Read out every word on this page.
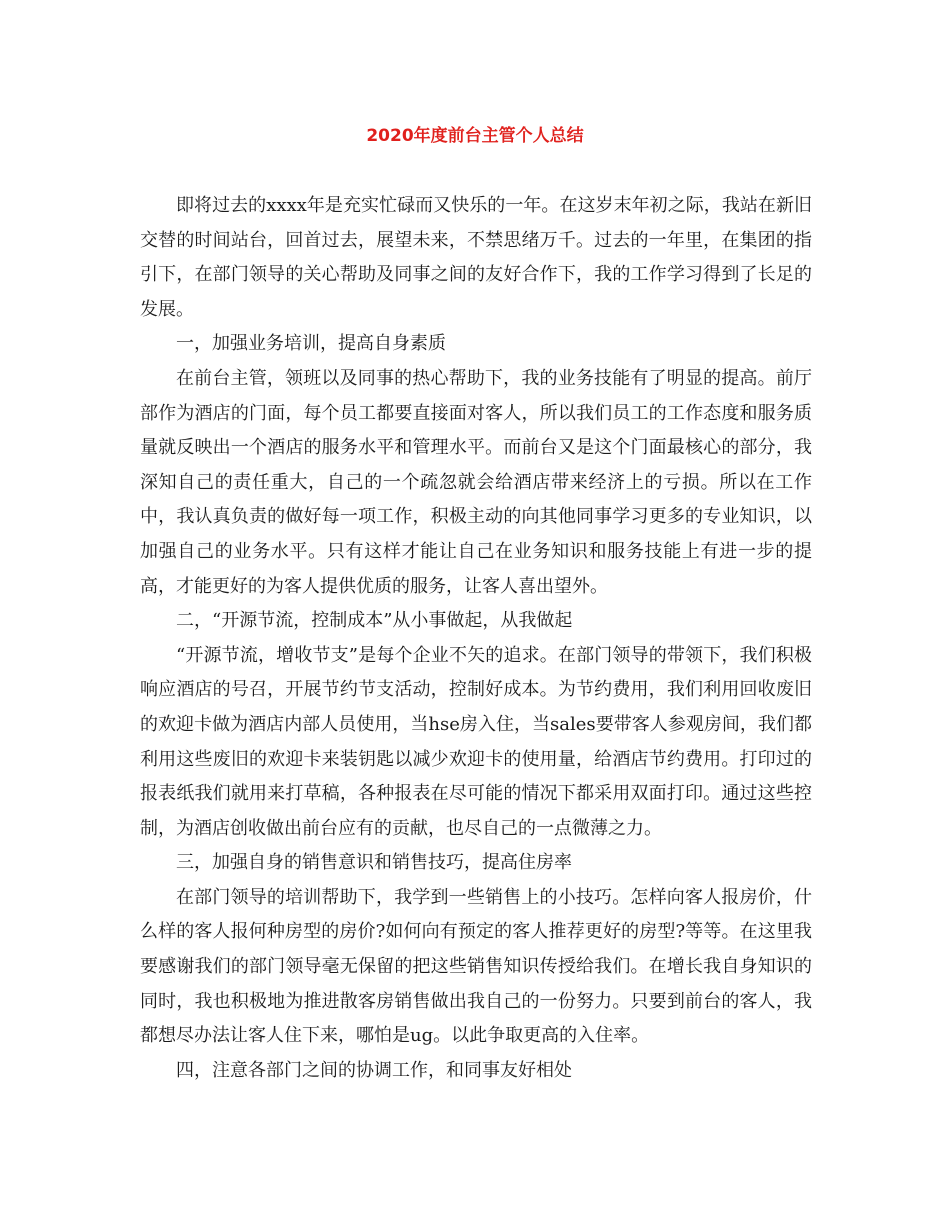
2020年度前台主管个人总结

即将过去的xxxx年是充实忙碌而又快乐的一年。在这岁末年初之际，我站在新旧交替的时间站台，回首过去，展望未来，不禁思绪万千。过去的一年里，在集团的指引下，在部门领导的关心帮助及同事之间的友好合作下，我的工作学习得到了长足的发展。

一，加强业务培训，提高自身素质

在前台主管，领班以及同事的热心帮助下，我的业务技能有了明显的提高。前厅部作为酒店的门面，每个员工都要直接面对客人，所以我们员工的工作态度和服务质量就反映出一个酒店的服务水平和管理水平。而前台又是这个门面最核心的部分，我深知自己的责任重大，自己的一个疏忽就会给酒店带来经济上的亏损。所以在工作中，我认真负责的做好每一项工作，积极主动的向其他同事学习更多的专业知识，以加强自己的业务水平。只有这样才能让自己在业务知识和服务技能上有进一步的提高，才能更好的为客人提供优质的服务，让客人喜出望外。

二，“开源节流，控制成本”从小事做起，从我做起

“开源节流，增收节支”是每个企业不矢的追求。在部门领导的带领下，我们积极响应酒店的号召，开展节约节支活动，控制好成本。为节约费用，我们利用回收废旧的欢迎卡做为酒店内部人员使用，当hse房入住，当sales要带客人参观房间，我们都利用这些废旧的欢迎卡来装钥匙以减少欢迎卡的使用量，给酒店节约费用。打印过的报表纸我们就用来打草稿，各种报表在尽可能的情况下都采用双面打印。通过这些控制，为酒店创收做出前台应有的贡献，也尽自己的一点微薄之力。

三，加强自身的销售意识和销售技巧，提高住房率

在部门领导的培训帮助下，我学到一些销售上的小技巧。怎样向客人报房价，什么样的客人报何种房型的房价?如何向有预定的客人推荐更好的房型?等等。在这里我要感谢我们的部门领导毫无保留的把这些销售知识传授给我们。在增长我自身知识的同时，我也积极地为推进散客房销售做出我自己的一份努力。只要到前台的客人，我都想尽办法让客人住下来，哪怕是ug。以此争取更高的入住率。

四，注意各部门之间的协调工作，和同事友好相处
